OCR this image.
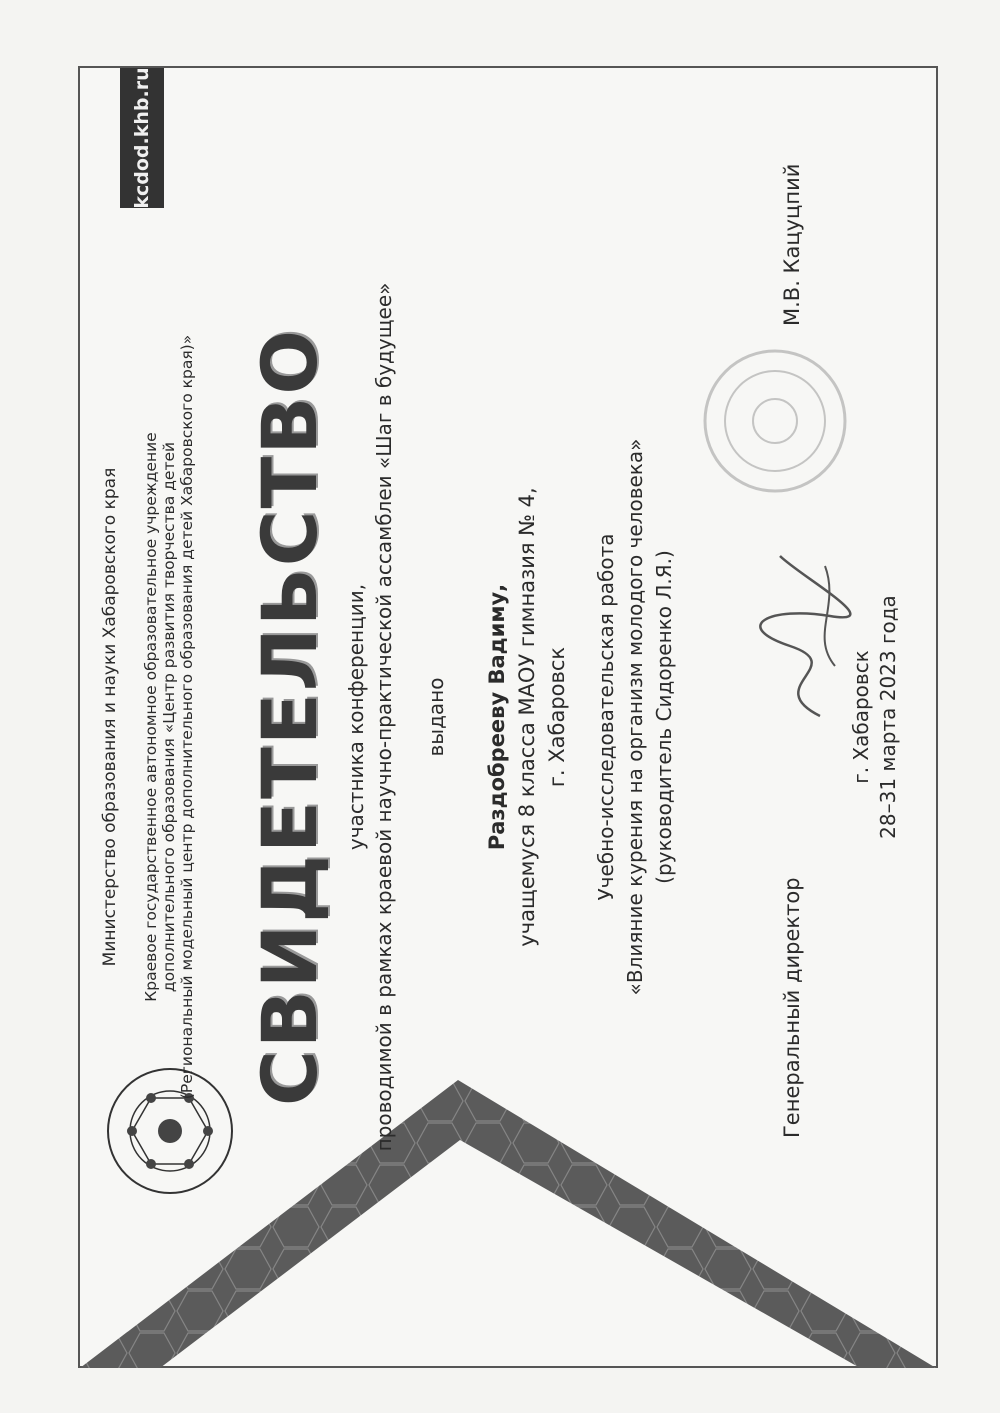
kcdod.khb.ru
Министерство образования и науки Хабаровского края Краевое государственное автономное образовательное учреждение дополнительного образования «Центр развития творчества детей (Региональный модельный центр дополнительного образования детей Хабаровского края)» СВИДЕТЕЛЬСТВО участника конференции, проводимой в рамках краевой научно-практической ассамблеи «Шаг в будущее» выдано Раздобрееву Вадиму, учащемуся 8 класса МАОУ гимназия № 4, г. Хабаровск Учебно-исследовательская работа «Влияние курения на организм молодого человека» (руководитель Сидоренко Л.Я.)
Генеральный директор
М.В. Кацуцпий
г. Хабаровск 28–31 марта 2023 года
